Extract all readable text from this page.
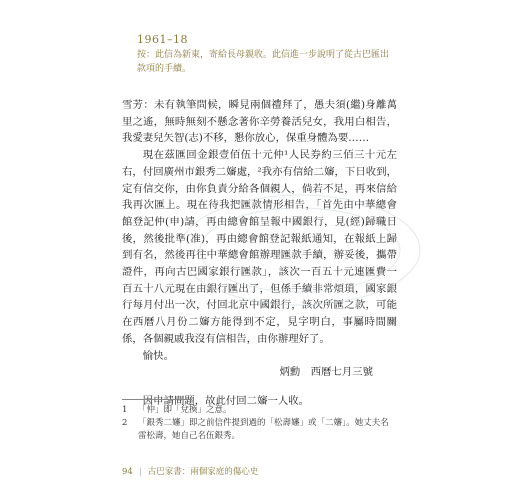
1961–18
按：此信為新東，寄給長母親收。此信進一步說明了從古巴匯出款項的手續。

雪芳：未有執筆問候，瞬見兩個禮拜了，愚夫須(繼)身離萬里之遙，無時無刻不懸念著你辛勞養活兒女，我用白相告，我愛妻兒矢智(志)不移，懇你放心，保重身體為要……

現在茲匯回金銀壹佰伍十元仲¹人民券約三佰三十元左右，付回廣州市銀秀二嬸處，²我亦有信給二嬸，下日收到，定有信交你，由你負責分給各個親人，倘若不足，再來信給我再次匯上。現在待我把匯款情形相告，「首先由中華總會館登記仲(申)請，再由總會館呈報中國銀行，見(經)歸職日後，然後批準(准)，再由總會館登記報紙通知，在報紙上歸到有名，然後再往中華總會館辦理匯款手續，辦妥後，攜帶證件，再向古巴國家銀行匯款」，該次一百五十元連匯費一百五十八元現在由銀行匯出了，但係手續非常煩瑣，國家銀行每月付出一次，付回北京中國銀行，該次所匯之款，可能在西曆八月份二嬸方能得到不定，見字明白，事屬時間關係，各個親戚我沒有信相告，由你辦理好了。

愉快。

炳勳　西曆七月三號

因申請問題，故此付回二嬸一人收。

1	「仲」即「兌換」之意。
2	「銀秀二嬸」即之前信件提到過的「松壽嬸」或「二嬸」。她丈夫名雷松壽，她自己名伍銀秀。
94 | 古巴家書：兩個家庭的傷心史
